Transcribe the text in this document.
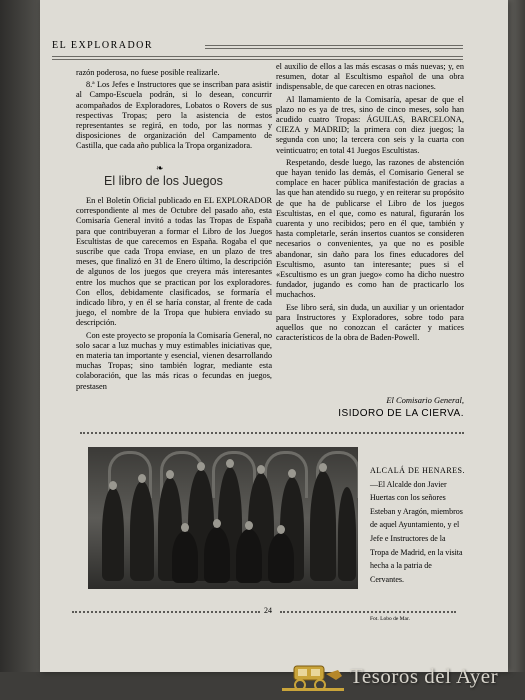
EL EXPLORADOR

razón poderosa, no fuese posible realizarle.

8.ª Los Jefes e Instructores que se inscriban para asistir al Campo-Escuela podrán, si lo desean, concurrir acompañados de Exploradores, Lobatos o Rovers de sus respectivas Tropas; pero la asistencia de estos representantes se regirá, en todo, por las normas y disposiciones de organización del Campamento de Castilla, que cada año publica la Tropa organizadora.

❧
El libro de los Juegos

En el Boletín Oficial publicado en EL EXPLORADOR correspondiente al mes de Octubre del pasado año, esta Comisaría General invitó a todas las Tropas de España para que contribuyeran a formar el Libro de los Juegos Escultistas de que carecemos en España. Rogaba el que suscribe que cada Tropa enviase, en un plazo de tres meses, que finalizó en 31 de Enero último, la descripción de algunos de los juegos que creyera más interesantes entre los muchos que se practican por los exploradores. Con ellos, debidamente clasificados, se formaría el indicado libro, y en él se haría constar, al frente de cada juego, el nombre de la Tropa que hubiera enviado su descripción.

Con este proyecto se proponía la Comisaría General, no solo sacar a luz muchas y muy estimables iniciativas que, en materia tan importante y esencial, vienen desarrollando muchas Tropas; sino también lograr, mediante esta colaboración, que las más ricas o fecundas en juegos, prestasen

el auxilio de ellos a las más escasas o más nuevas; y, en resumen, dotar al Escultismo español de una obra indispensable, de que carecen en otras naciones.

Al llamamiento de la Comisaría, apesar de que el plazo no es ya de tres, sino de cinco meses, solo han acudido cuatro Tropas: ÁGUILAS, BARCELONA, CIEZA y MADRID; la primera con diez juegos; la segunda con uno; la tercera con seis y la cuarta con veinticuatro; en total 41 Juegos Escultistas.

Respetando, desde luego, las razones de abstención que hayan tenido las demás, el Comisario General se complace en hacer pública manifestación de gracias a las que han atendido su ruego, y en reiterar su propósito de que ha de publicarse el Libro de los juegos Escultistas, en el que, como es natural, figurarán los cuarenta y uno recibidos; pero en él que, también y hasta completarle, serán insertos cuantos se consideren necesarios o convenientes, ya que no es posible abandonar, sin daño para los fines educadores del Escultismo, asunto tan interesante; pues si el «Escultismo es un gran juego» como ha dicho nuestro fundador, jugando es como han de practicarlo los muchachos.

Ese libro será, sin duda, un auxiliar y un orientador para Instructores y Exploradores, sobre todo para aquellos que no conozcan el carácter y matices característicos de la obra de Baden-Powell.

El Comisario General,
ISIDORO DE LA CIERVA.
ALCALÁ DE HENARES.—El Alcalde don Javier Huertas con los señores Esteban y Aragón, miembros de aquel Ayuntamiento, y el Jefe e Instructores de la Tropa de Madrid, en la visita hecha a la patria de Cervantes.
Fot. Lobo de Mar.
24
Tesoros del Ayer
